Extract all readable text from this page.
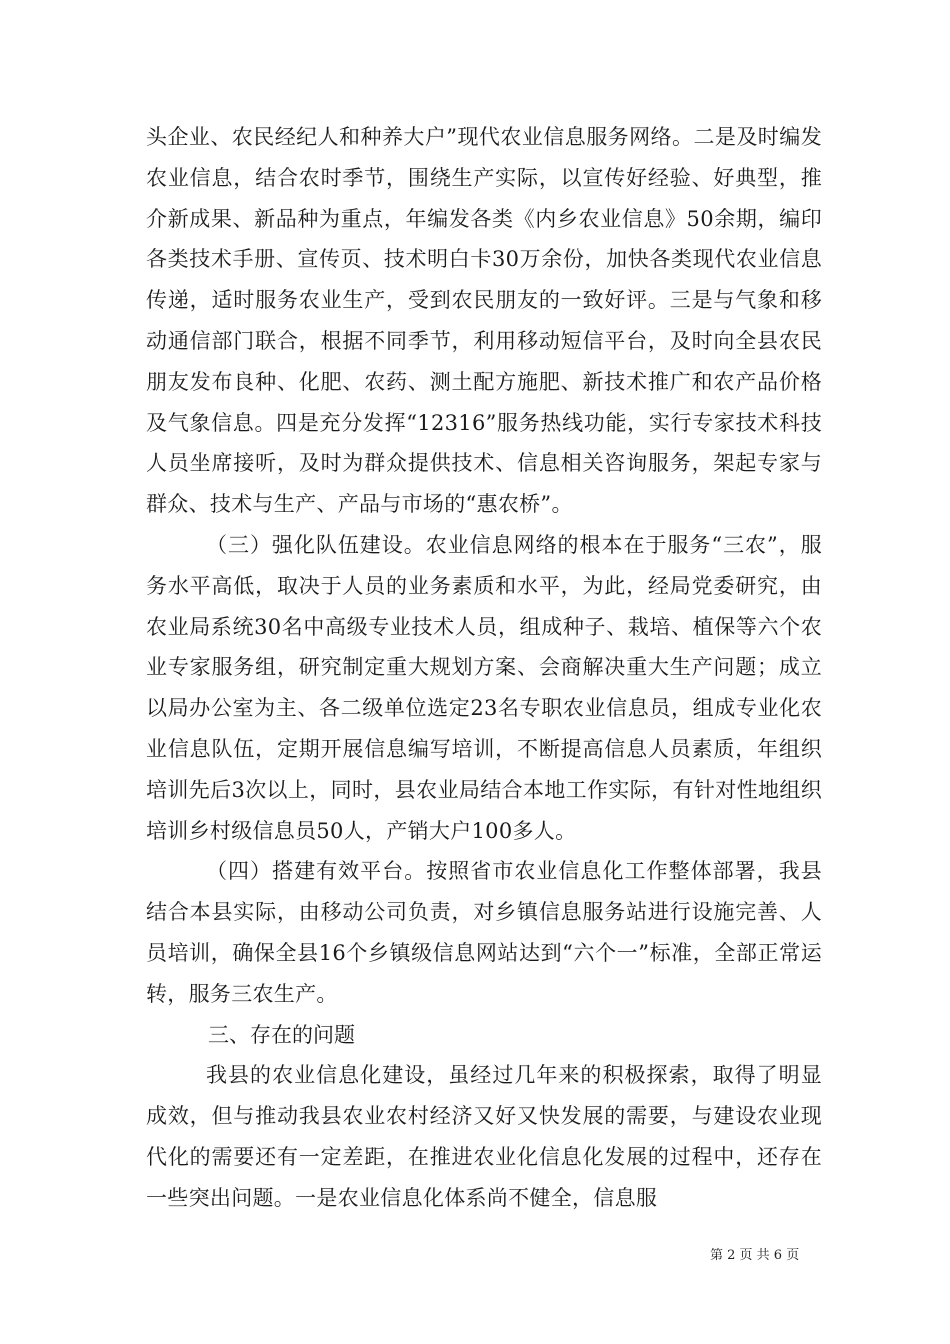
头企业、农民经纪人和种养大户”现代农业信息服务网络。二是及时编发农业信息，结合农时季节，围绕生产实际，以宣传好经验、好典型，推介新成果、新品种为重点，年编发各类《内乡农业信息》50余期，编印各类技术手册、宣传页、技术明白卡30万余份，加快各类现代农业信息传递，适时服务农业生产，受到农民朋友的一致好评。三是与气象和移动通信部门联合，根据不同季节，利用移动短信平台，及时向全县农民朋友发布良种、化肥、农药、测土配方施肥、新技术推广和农产品价格及气象信息。四是充分发挥“12316”服务热线功能，实行专家技术科技人员坐席接听，及时为群众提供技术、信息相关咨询服务，架起专家与群众、技术与生产、产品与市场的“惠农桥”。

（三）强化队伍建设。农业信息网络的根本在于服务“三农”，服务水平高低，取决于人员的业务素质和水平，为此，经局党委研究，由农业局系统30名中高级专业技术人员，组成种子、栽培、植保等六个农业专家服务组，研究制定重大规划方案、会商解决重大生产问题；成立以局办公室为主、各二级单位选定23名专职农业信息员，组成专业化农业信息队伍，定期开展信息编写培训，不断提高信息人员素质，年组织培训先后3次以上，同时，县农业局结合本地工作实际，有针对性地组织培训乡村级信息员50人，产销大户100多人。

（四）搭建有效平台。按照省市农业信息化工作整体部署，我县结合本县实际，由移动公司负责，对乡镇信息服务站进行设施完善、人员培训，确保全县16个乡镇级信息网站达到“六个一”标准，全部正常运转，服务三农生产。

三、存在的问题

我县的农业信息化建设，虽经过几年来的积极探索，取得了明显成效，但与推动我县农业农村经济又好又快发展的需要，与建设农业现代化的需要还有一定差距，在推进农业化信息化发展的过程中，还存在一些突出问题。一是农业信息化体系尚不健全，信息服

第 2 页 共 6 页
